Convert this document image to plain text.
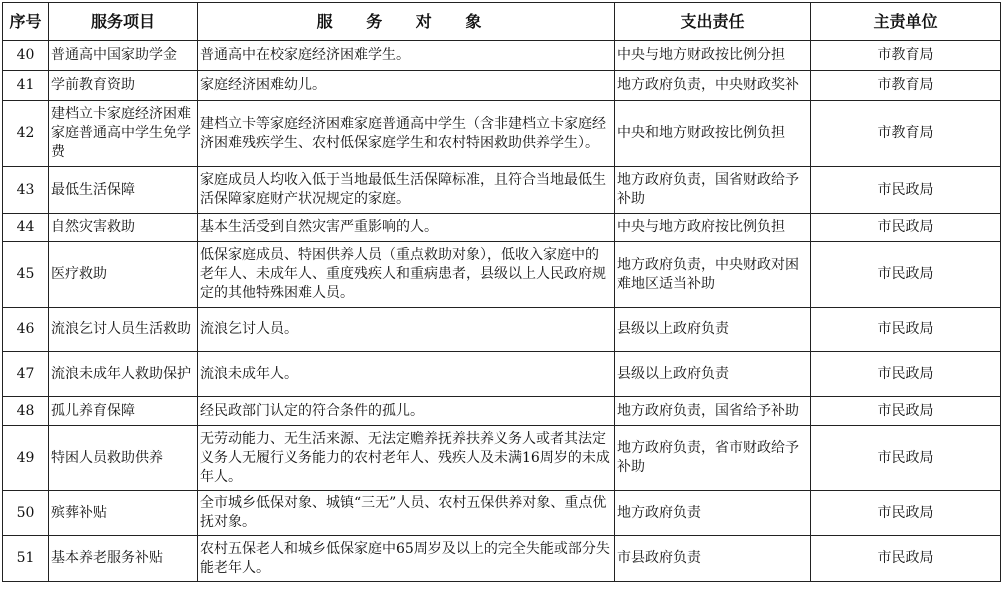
序号	服务项目	服 务 对 象	支出责任	主责单位
40	普通高中国家助学金	普通高中在校家庭经济困难学生。	中央与地方财政按比例分担	市教育局
41	学前教育资助	家庭经济困难幼儿。	地方政府负责，中央财政奖补	市教育局
42	建档立卡家庭经济困难家庭普通高中学生免学费	建档立卡等家庭经济困难家庭普通高中学生（含非建档立卡家庭经济困难残疾学生、农村低保家庭学生和农村特困救助供养学生）。	中央和地方财政按比例负担	市教育局
43	最低生活保障	家庭成员人均收入低于当地最低生活保障标准，且符合当地最低生活保障家庭财产状况规定的家庭。	地方政府负责，国省财政给予补助	市民政局
44	自然灾害救助	基本生活受到自然灾害严重影响的人。	中央与地方政府按比例负担	市民政局
45	医疗救助	低保家庭成员、特困供养人员（重点救助对象），低收入家庭中的老年人、未成年人、重度残疾人和重病患者，县级以上人民政府规定的其他特殊困难人员。	地方政府负责，中央财政对困难地区适当补助	市民政局
46	流浪乞讨人员生活救助	流浪乞讨人员。	县级以上政府负责	市民政局
47	流浪未成年人救助保护	流浪未成年人。	县级以上政府负责	市民政局
48	孤儿养育保障	经民政部门认定的符合条件的孤儿。	地方政府负责，国省给予补助	市民政局
49	特困人员救助供养	无劳动能力、无生活来源、无法定赡养抚养扶养义务人或者其法定义务人无履行义务能力的农村老年人、残疾人及未满16周岁的未成年人。	地方政府负责，省市财政给予补助	市民政局
50	殡葬补贴	全市城乡低保对象、城镇“三无”人员、农村五保供养对象、重点优抚对象。	地方政府负责	市民政局
51	基本养老服务补贴	农村五保老人和城乡低保家庭中65周岁及以上的完全失能或部分失能老年人。	市县政府负责	市民政局
